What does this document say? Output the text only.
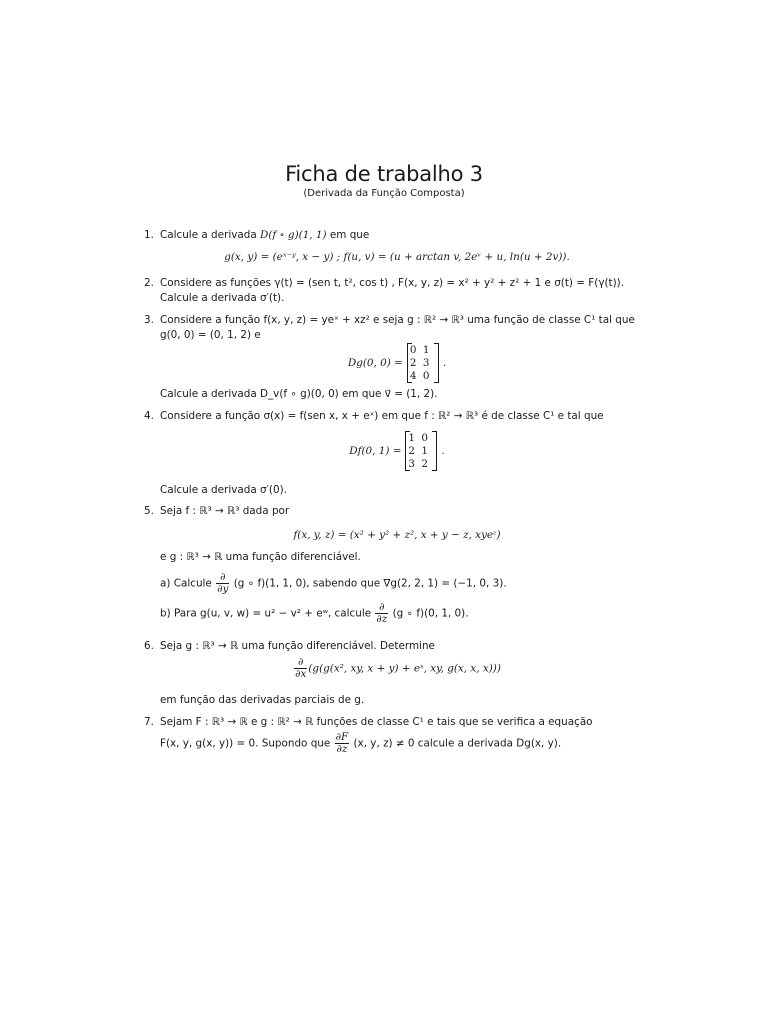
Ficha de trabalho 3
(Derivada da Função Composta)
1. Calcule a derivada D(f ∘ g)(1, 1) em que
g(x, y) = (eˣ⁻ʸ, x − y) ; f(u, v) = (u + arctan v, 2eᵛ + u, ln(u + 2v)).
2. Considere as funções γ(t) = (sen t, t², cos t) , F(x, y, z) = x² + y² + z² + 1 e σ(t) = F(γ(t)).
Calcule a derivada σ′(t).
3. Considere a função f(x, y, z) = yeˣ + xz² e seja g : ℝ² → ℝ³ uma função de classe C¹ tal que
g(0, 0) = (0, 1, 2) e
Dg(0, 0) =
0 1
2 3
4 0
.
Calcule a derivada D_v(f ∘ g)(0, 0) em que v⃗ = (1, 2).
4. Considere a função σ(x) = f(sen x, x + eˣ) em que f : ℝ² → ℝ³ é de classe C¹ e tal que
Df(0, 1) =
1 0
2 1
3 2
.
Calcule a derivada σ′(0).
5. Seja f : ℝ³ → ℝ³ dada por
f(x, y, z) = (x² + y² + z², x + y − z, xyeᶻ)
e g : ℝ³ → ℝ uma função diferenciável.
a) Calcule $\frac{\partial}{\partial y} (g$ ∘ f)(1, 1, 0), sabendo que ∇g(2, 2, 1) = (−1, 0, 3).
b) Para g(u, v, w) = u² − v² + eʷ, calcule $\frac{\partial}{\partial z} (g$ ∘ f)(0, 1, 0).
6. Seja g : ℝ³ → ℝ uma função diferenciável. Determine
$\frac{\partial}{\partial x} (g(g(x^2$, xy, x + y) + eˣ, xy, g(x, x, x)))
em função das derivadas parciais de g.
7. Sejam F : ℝ³ → ℝ e g : ℝ² → ℝ funções de classe C¹ e tais que se verifica a equação
F(x, y, g(x, y)) = 0. Supondo que $\frac{\partial F}{\partial z} (x$, y, z) ≠ 0 calcule a derivada Dg(x, y).
